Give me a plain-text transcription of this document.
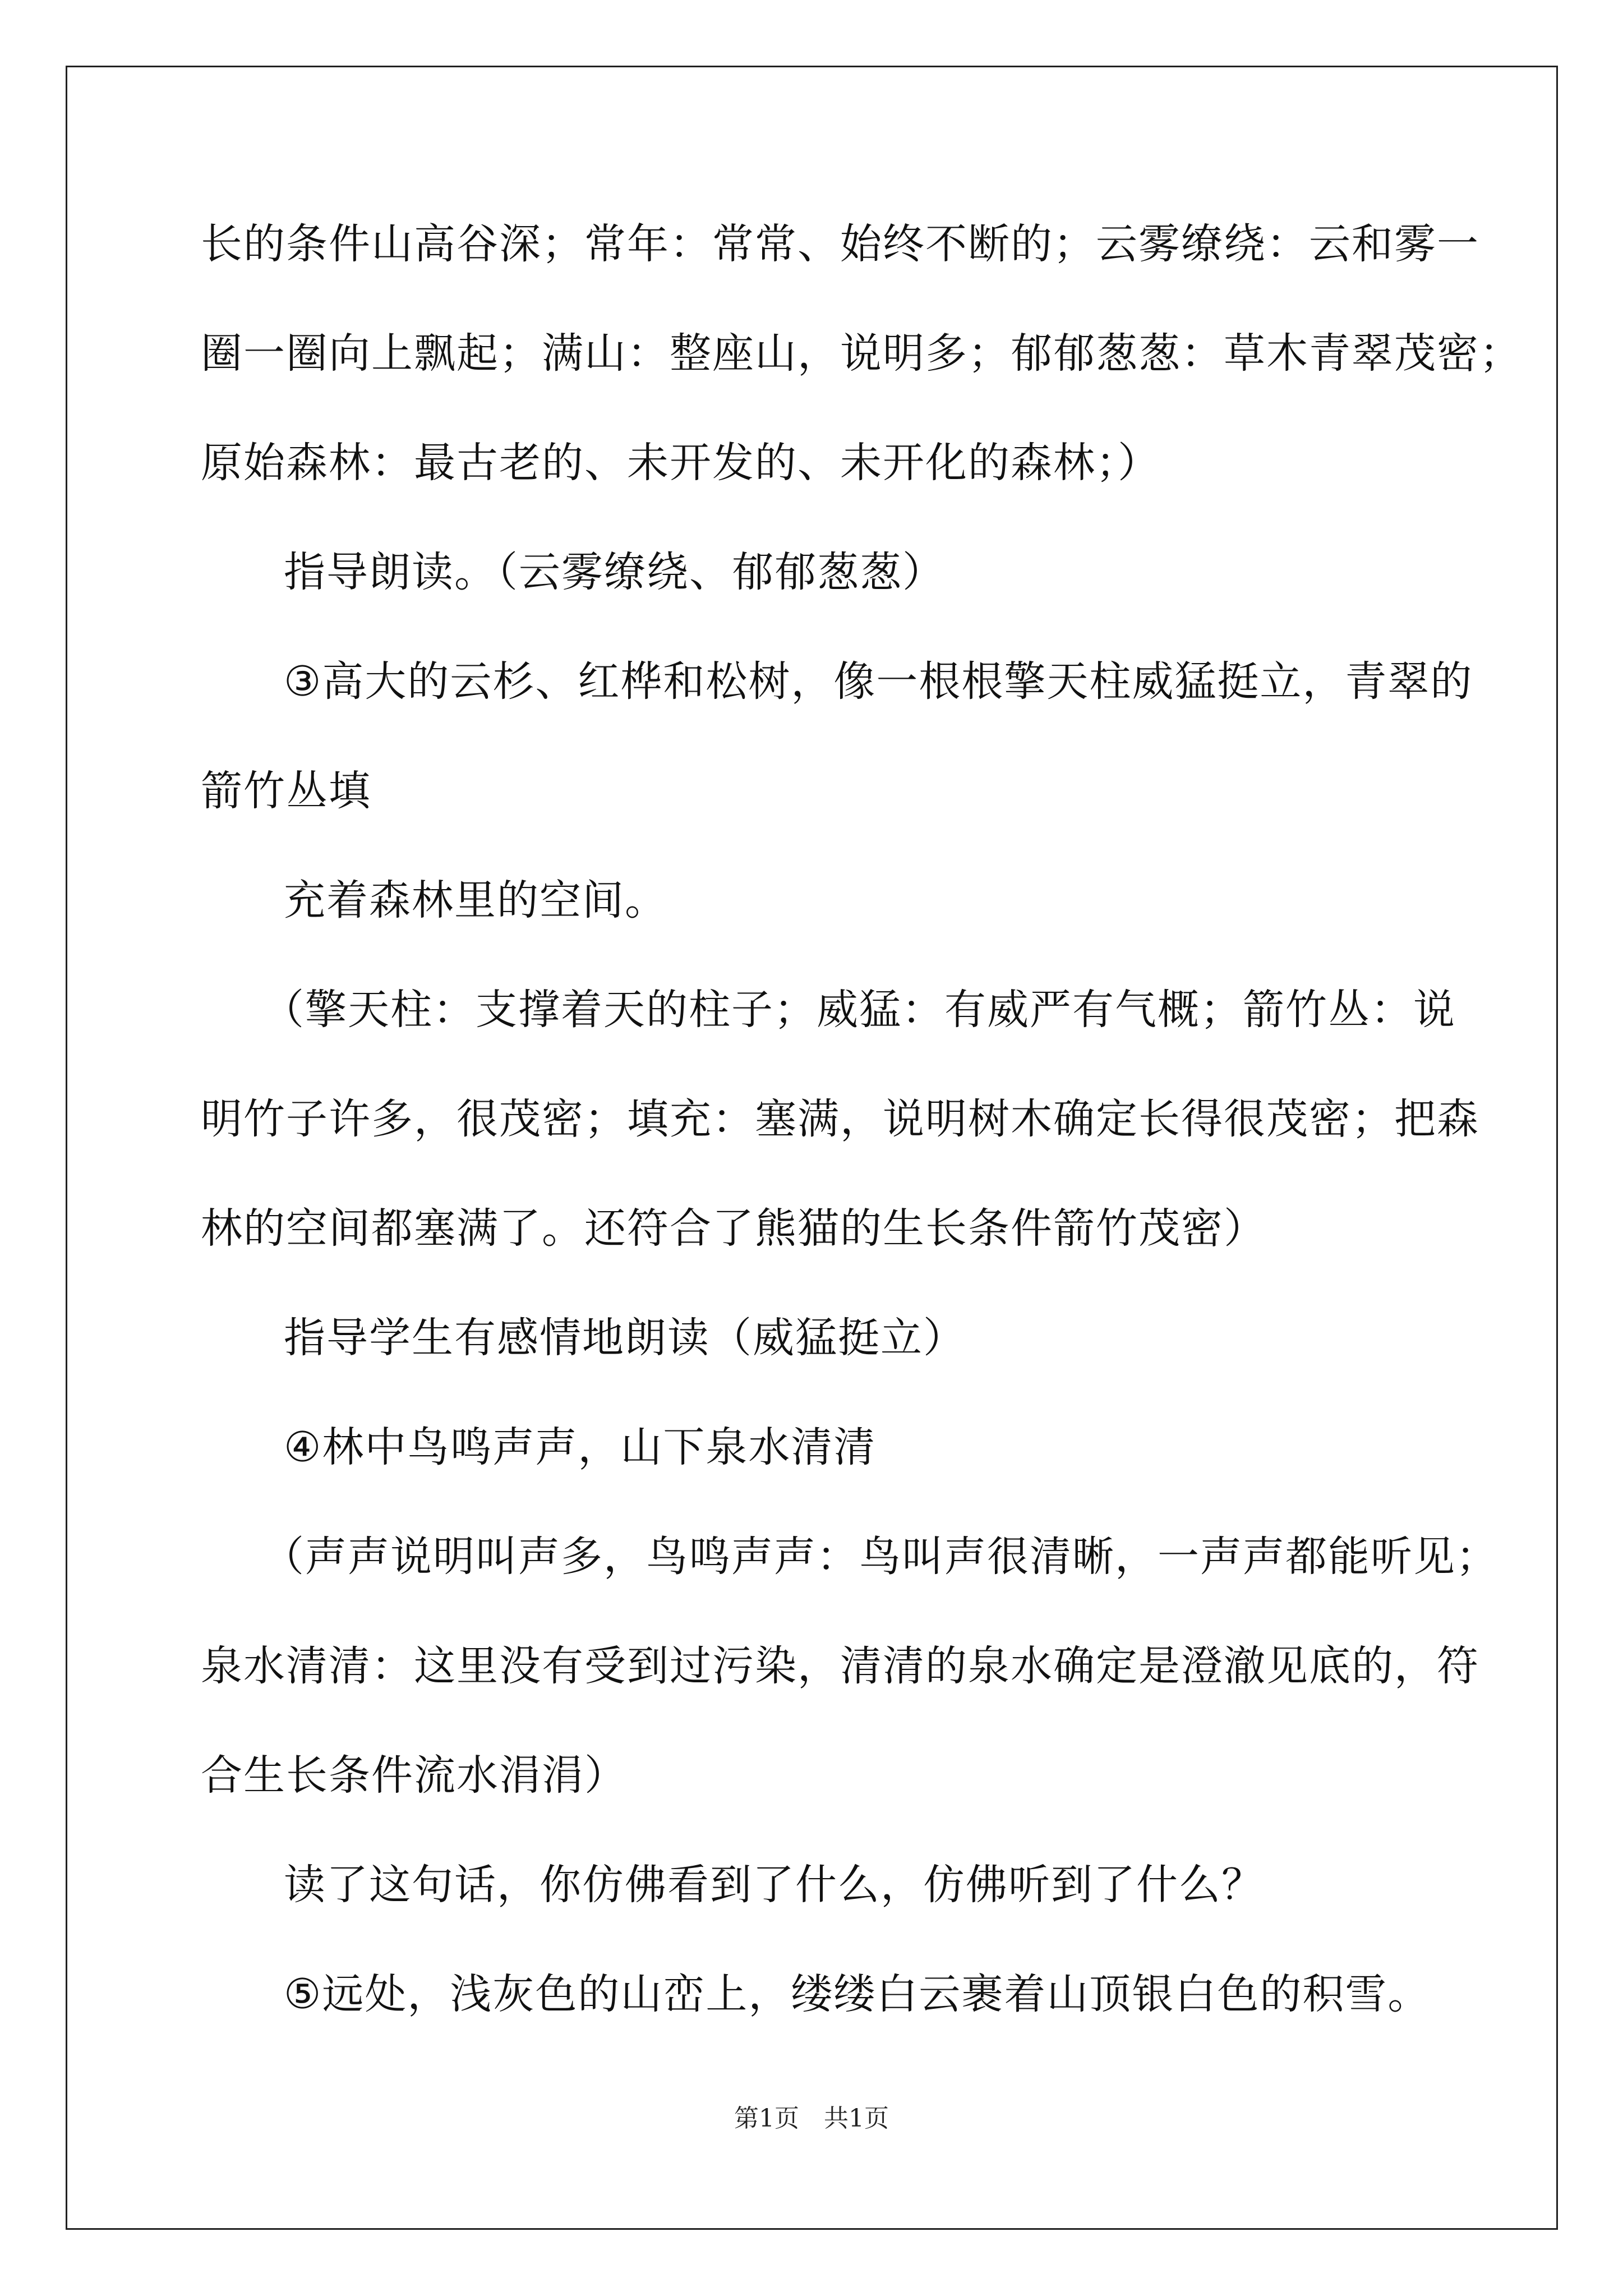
长的条件山高谷深；常年：常常、始终不断的；云雾缭绕：云和雾一
圈一圈向上飘起；满山：整座山，说明多；郁郁葱葱：草木青翠茂密；
原始森林：最古老的、未开发的、未开化的森林；）
指导朗读。（云雾缭绕、郁郁葱葱）
③高大的云杉、红桦和松树，像一根根擎天柱威猛挺立，青翠的
箭竹丛填
充着森林里的空间。
（擎天柱：支撑着天的柱子；威猛：有威严有气概；箭竹丛：说
明竹子许多，很茂密；填充：塞满，说明树木确定长得很茂密；把森
林的空间都塞满了。还符合了熊猫的生长条件箭竹茂密）
指导学生有感情地朗读（威猛挺立）
④林中鸟鸣声声，山下泉水清清
（声声说明叫声多，鸟鸣声声：鸟叫声很清晰，一声声都能听见；
泉水清清：这里没有受到过污染，清清的泉水确定是澄澈见底的，符
合生长条件流水涓涓）
读了这句话，你仿佛看到了什么，仿佛听到了什么？
⑤远处，浅灰色的山峦上，缕缕白云裹着山顶银白色的积雪。
第1页 共1页
